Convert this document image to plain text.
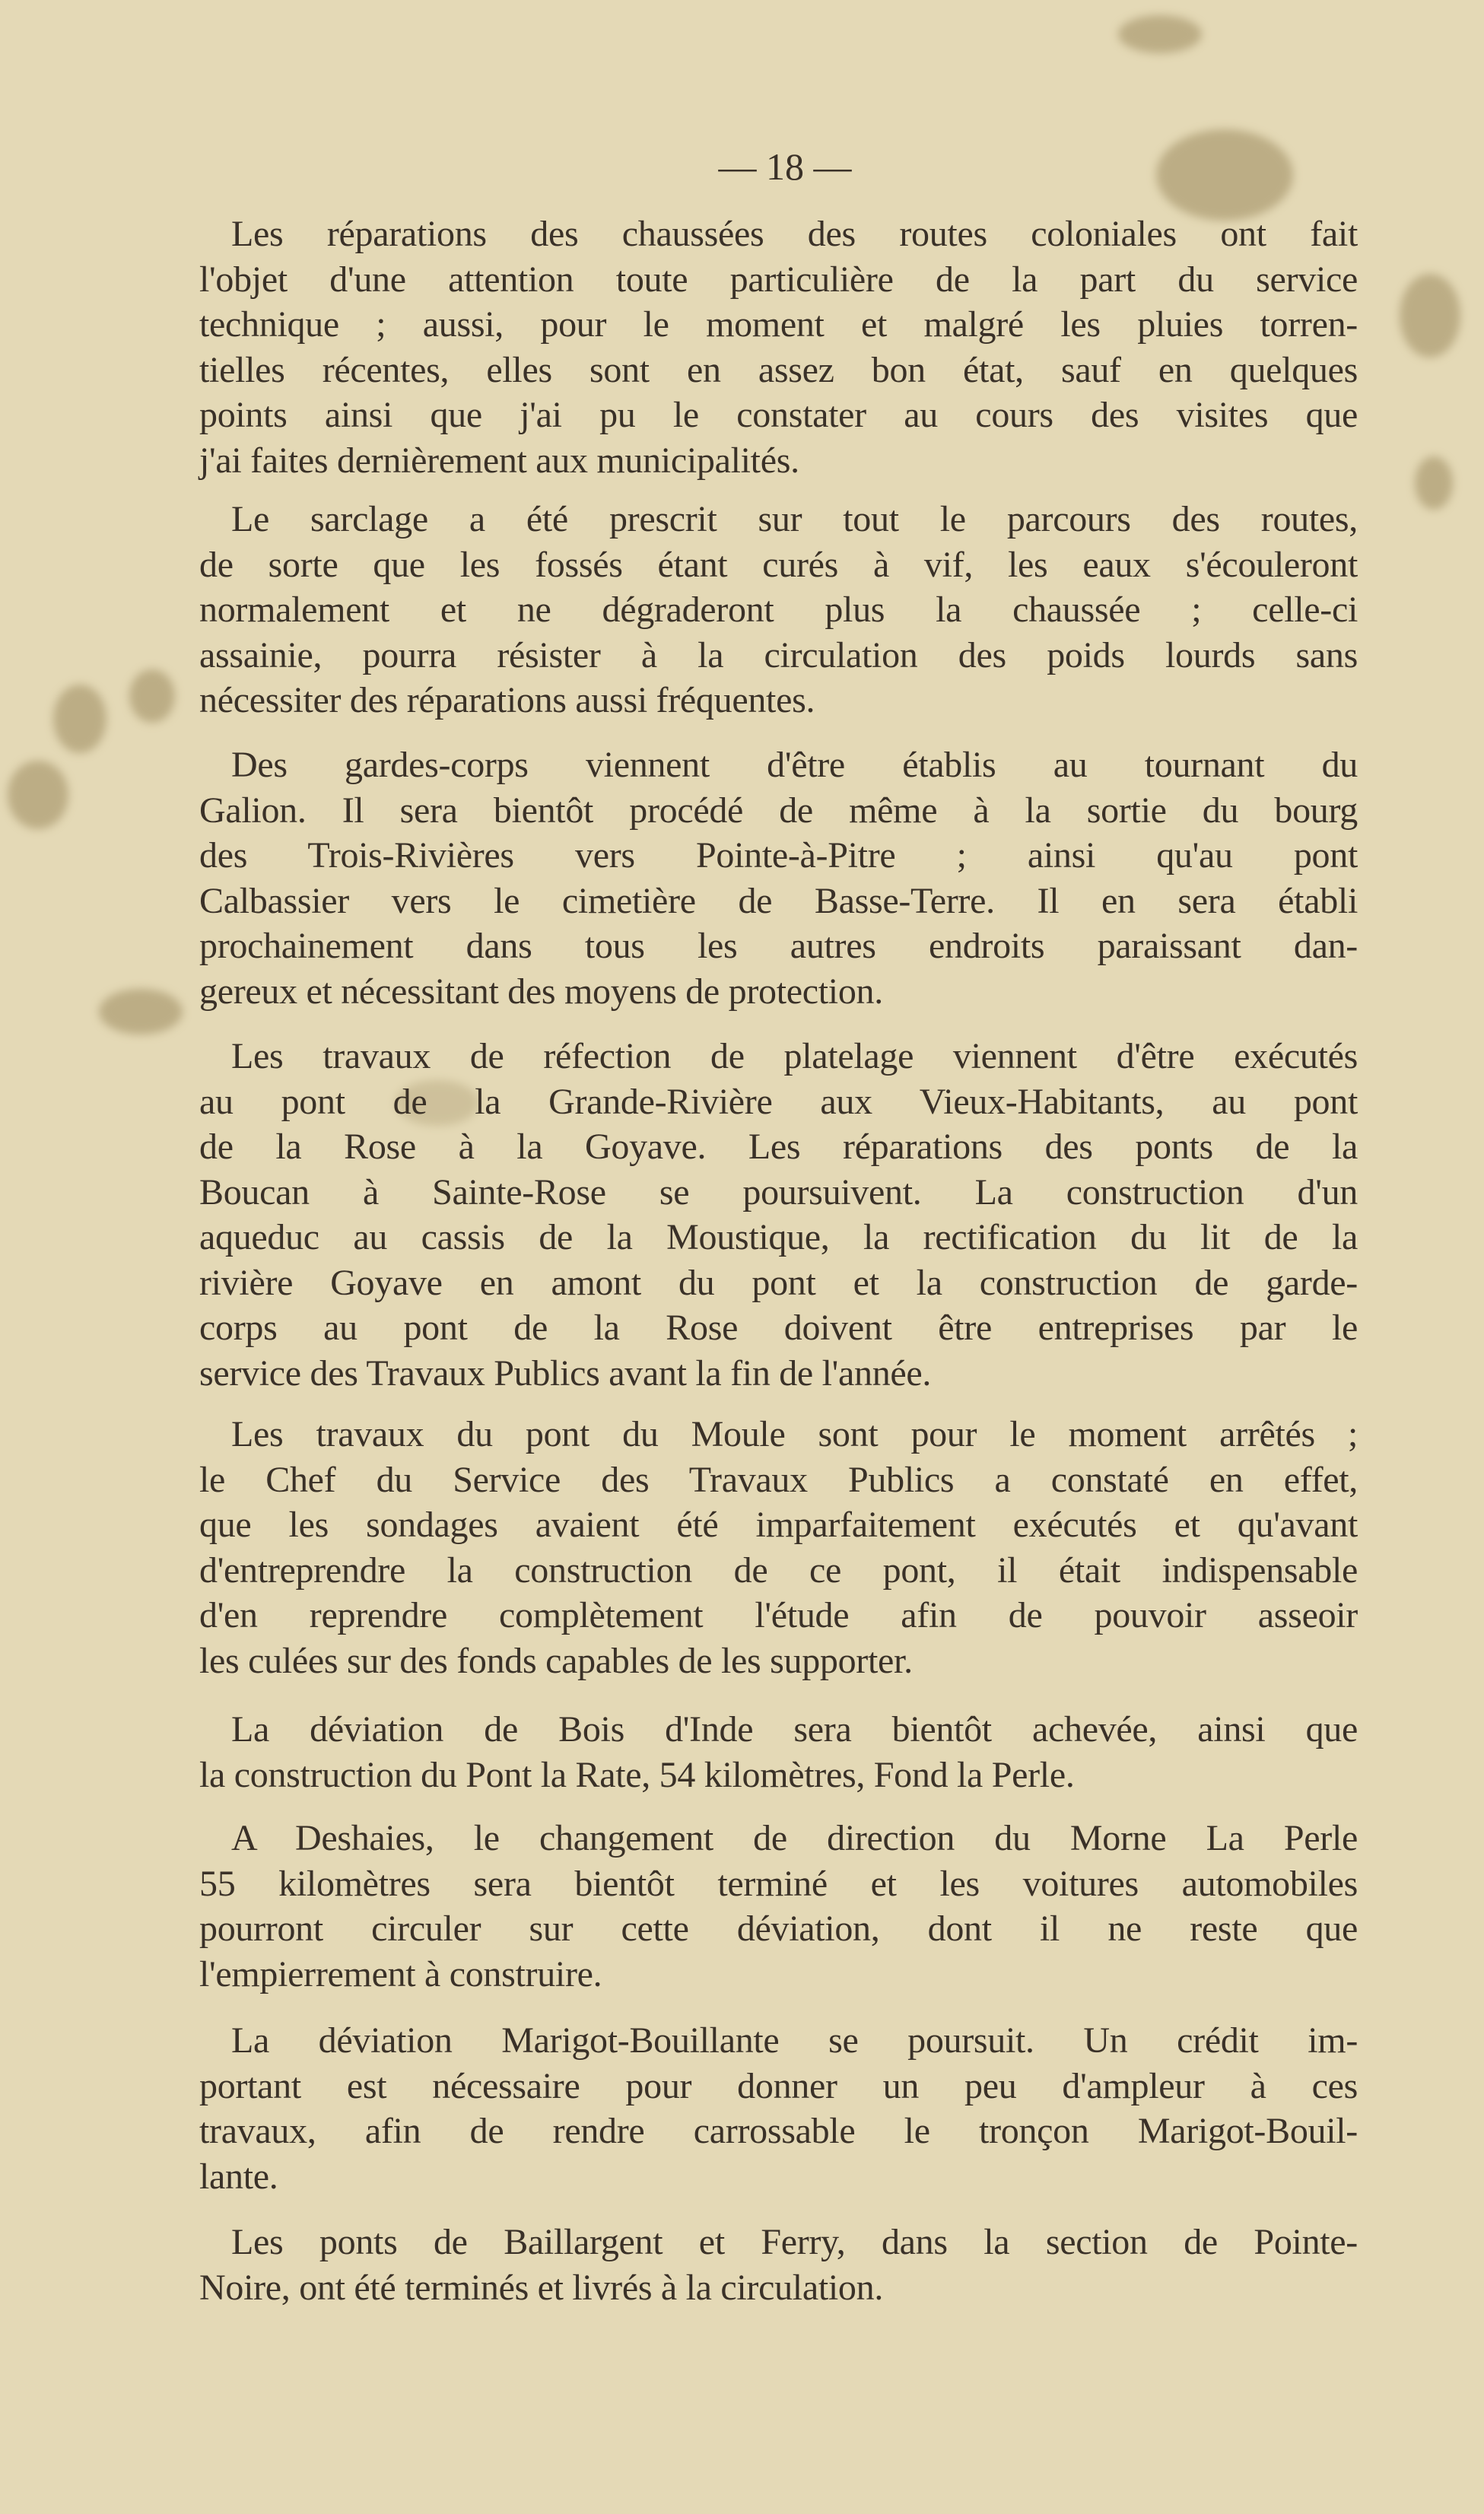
— 18 —
Les réparations des chaussées des routes coloniales ont fait
l'objet d'une attention toute particulière de la part du service
technique ; aussi, pour le moment et malgré les pluies torren-
tielles récentes, elles sont en assez bon état, sauf en quelques
points ainsi que j'ai pu le constater au cours des visites que
j'ai faites dernièrement aux municipalités.
Le sarclage a été prescrit sur tout le parcours des routes,
de sorte que les fossés étant curés à vif, les eaux s'écouleront
normalement et ne dégraderont plus la chaussée ; celle-ci
assainie, pourra résister à la circulation des poids lourds sans
nécessiter des réparations aussi fréquentes.
Des gardes-corps viennent d'être établis au tournant du
Galion. Il sera bientôt procédé de même à la sortie du bourg
des Trois-Rivières vers Pointe-à-Pitre ; ainsi qu'au pont
Calbassier vers le cimetière de Basse-Terre. Il en sera établi
prochainement dans tous les autres endroits paraissant dan-
gereux et nécessitant des moyens de protection.
Les travaux de réfection de platelage viennent d'être exécutés
au pont de la Grande-Rivière aux Vieux-Habitants, au pont
de la Rose à la Goyave. Les réparations des ponts de la
Boucan à Sainte-Rose se poursuivent. La construction d'un
aqueduc au cassis de la Moustique, la rectification du lit de la
rivière Goyave en amont du pont et la construction de garde-
corps au pont de la Rose doivent être entreprises par le
service des Travaux Publics avant la fin de l'année.
Les travaux du pont du Moule sont pour le moment arrêtés ;
le Chef du Service des Travaux Publics a constaté en effet,
que les sondages avaient été imparfaitement exécutés et qu'avant
d'entreprendre la construction de ce pont, il était indispensable
d'en reprendre complètement l'étude afin de pouvoir asseoir
les culées sur des fonds capables de les supporter.
La déviation de Bois d'Inde sera bientôt achevée, ainsi que
la construction du Pont la Rate, 54 kilomètres, Fond la Perle.
A Deshaies, le changement de direction du Morne La Perle
55 kilomètres sera bientôt terminé et les voitures automobiles
pourront circuler sur cette déviation, dont il ne reste que
l'empierrement à construire.
La déviation Marigot-Bouillante se poursuit. Un crédit im-
portant est nécessaire pour donner un peu d'ampleur à ces
travaux, afin de rendre carrossable le tronçon Marigot-Bouil-
lante.
Les ponts de Baillargent et Ferry, dans la section de Pointe-
Noire, ont été terminés et livrés à la circulation.
